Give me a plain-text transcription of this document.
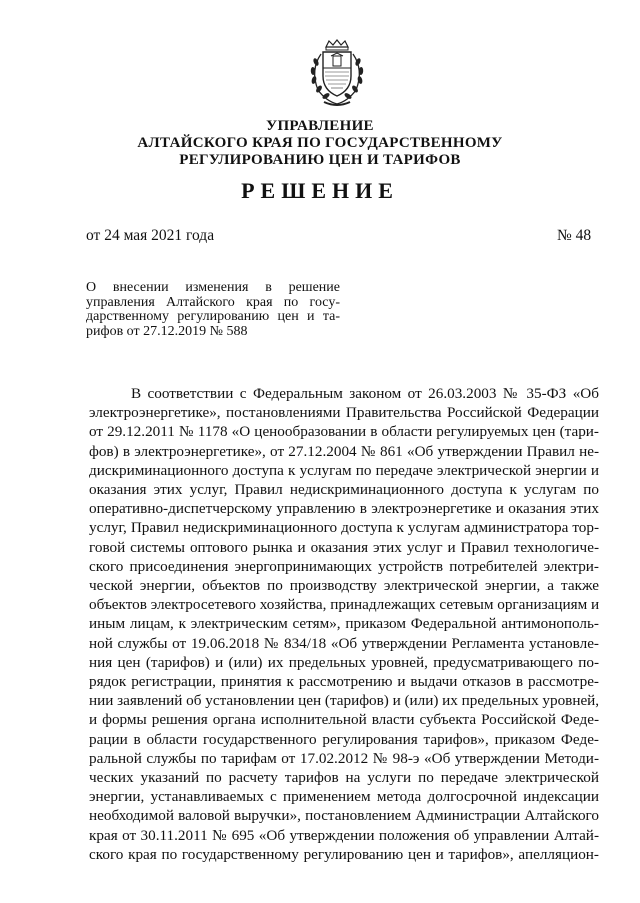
УПРАВЛЕНИЕ
АЛТАЙСКОГО КРАЯ ПО ГОСУДАРСТВЕННОМУ
РЕГУЛИРОВАНИЮ ЦЕН И ТАРИФОВ
РЕШЕНИЕ
от 24 мая 2021 года	№ 48
О внесении изменения в решение
управления Алтайского края по госу-
дарственному регулированию цен и та-
рифов от 27.12.2019 № 588
В соответствии с Федеральным законом от 26.03.2003 № 35-ФЗ «Об
электроэнергетике», постановлениями Правительства Российской Федерации
от 29.12.2011 № 1178 «О ценообразовании в области регулируемых цен (тари-
фов) в электроэнергетике», от 27.12.2004 № 861 «Об утверждении Правил не-
дискриминационного доступа к услугам по передаче электрической энергии и
оказания этих услуг, Правил недискриминационного доступа к услугам по
оперативно-диспетчерскому управлению в электроэнергетике и оказания этих
услуг, Правил недискриминационного доступа к услугам администратора тор-
говой системы оптового рынка и оказания этих услуг и Правил технологиче-
ского присоединения энергопринимающих устройств потребителей электри-
ческой энергии, объектов по производству электрической энергии, а также
объектов электросетевого хозяйства, принадлежащих сетевым организациям и
иным лицам, к электрическим сетям», приказом Федеральной антимонополь-
ной службы от 19.06.2018 № 834/18 «Об утверждении Регламента установле-
ния цен (тарифов) и (или) их предельных уровней, предусматривающего по-
рядок регистрации, принятия к рассмотрению и выдачи отказов в рассмотре-
нии заявлений об установлении цен (тарифов) и (или) их предельных уровней,
и формы решения органа исполнительной власти субъекта Российской Феде-
рации в области государственного регулирования тарифов», приказом Феде-
ральной службы по тарифам от 17.02.2012 № 98-э «Об утверждении Методи-
ческих указаний по расчету тарифов на услуги по передаче электрической
энергии, устанавливаемых с применением метода долгосрочной индексации
необходимой валовой выручки», постановлением Администрации Алтайского
края от 30.11.2011 № 695 «Об утверждении положения об управлении Алтай-
ского края по государственному регулированию цен и тарифов», апелляцион-
